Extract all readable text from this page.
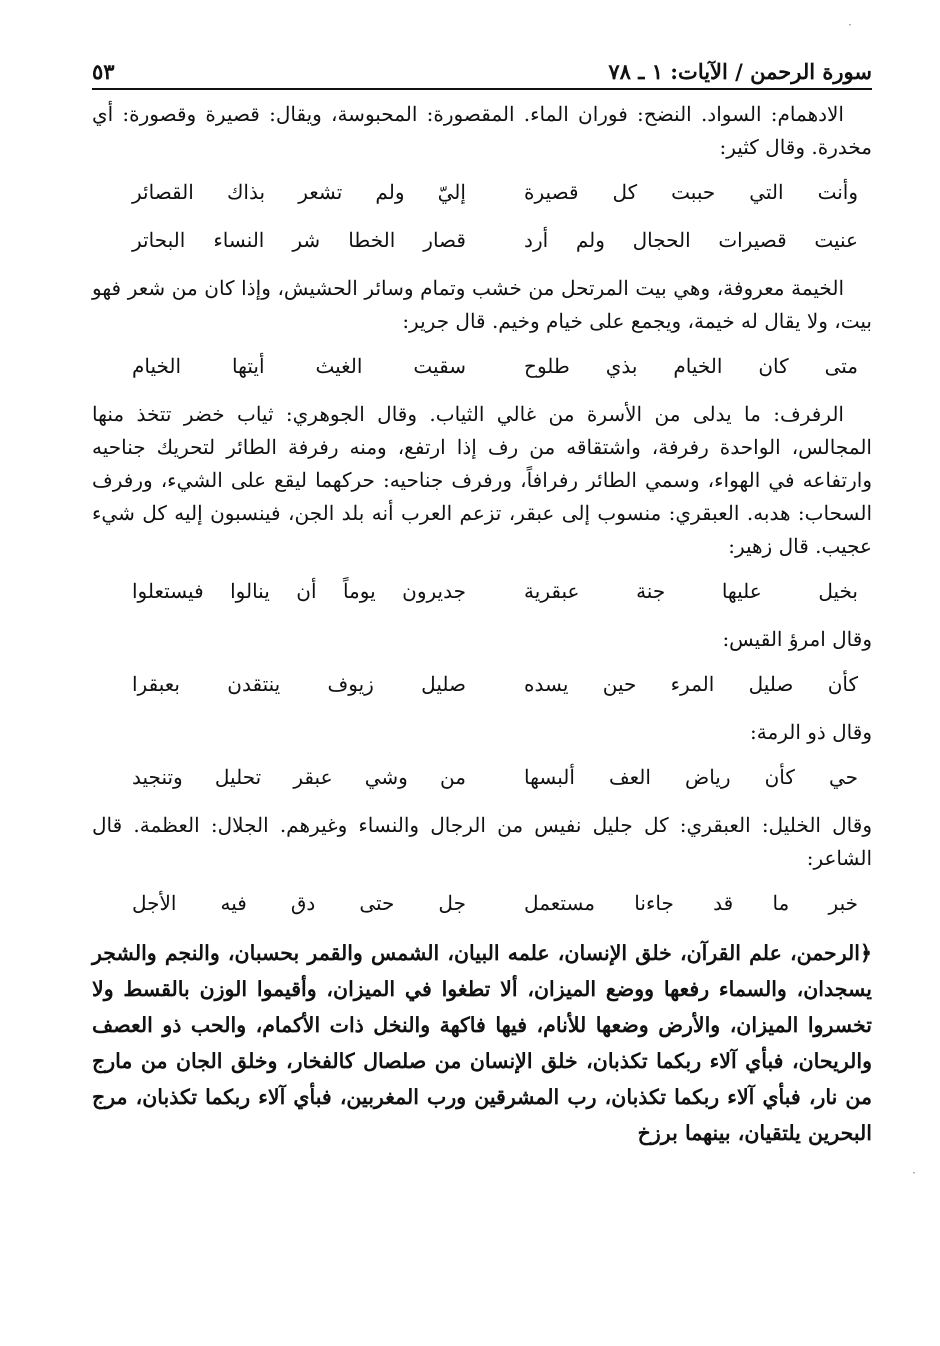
·
سورة الرحمن / الآيات: ١ ـ ٧٨
٥٣

الادهمام: السواد. النضح: فوران الماء. المقصورة: المحبوسة، ويقال: قصيرة وقصورة: أي مخدرة. وقال كثير:

وأنت التي حببت كل قصيرة
إليّ ولم تشعر بذاك القصائر
عنيت قصيرات الحجال ولم أرد
قصار الخطا شر النساء البحاتر

الخيمة معروفة، وهي بيت المرتحل من خشب وتمام وسائر الحشيش، وإذا كان من شعر فهو بيت، ولا يقال له خيمة، ويجمع على خيام وخيم. قال جرير:

متى كان الخيام بذي طلوح
سقيت الغيث أيتها الخيام

الرفرف: ما يدلى من الأسرة من غالي الثياب. وقال الجوهري: ثياب خضر تتخذ منها المجالس، الواحدة رفرفة، واشتقاقه من رف إذا ارتفع، ومنه رفرفة الطائر لتحريك جناحيه وارتفاعه في الهواء، وسمي الطائر رفرافاً، ورفرف جناحيه: حركهما ليقع على الشيء، ورفرف السحاب: هدبه. العبقري: منسوب إلى عبقر، تزعم العرب أنه بلد الجن، فينسبون إليه كل شيء عجيب. قال زهير:

بخيل عليها جنة عبقرية
جديرون يوماً أن ينالوا فيستعلوا

وقال امرؤ القيس:

كأن صليل المرء حين يسده
صليل زيوف ينتقدن بعبقرا

وقال ذو الرمة:

حي كأن رياض العف ألبسها
من وشي عبقر تحليل وتنجيد

وقال الخليل: العبقري: كل جليل نفيس من الرجال والنساء وغيرهم. الجلال: العظمة. قال الشاعر:

خبر ما قد جاءنا مستعمل
جل حتى دق فيه الأجل

﴿الرحمن، علم القرآن، خلق الإنسان، علمه البيان، الشمس والقمر بحسبان، والنجم والشجر يسجدان، والسماء رفعها ووضع الميزان، ألا تطغوا في الميزان، وأقيموا الوزن بالقسط ولا تخسروا الميزان، والأرض وضعها للأنام، فيها فاكهة والنخل ذات الأكمام، والحب ذو العصف والريحان، فبأي آلاء ربكما تكذبان، خلق الإنسان من صلصال كالفخار، وخلق الجان من مارج من نار، فبأي آلاء ربكما تكذبان، رب المشرقين ورب المغربين، فبأي آلاء ربكما تكذبان، مرج البحرين يلتقيان، بينهما برزخ

·
